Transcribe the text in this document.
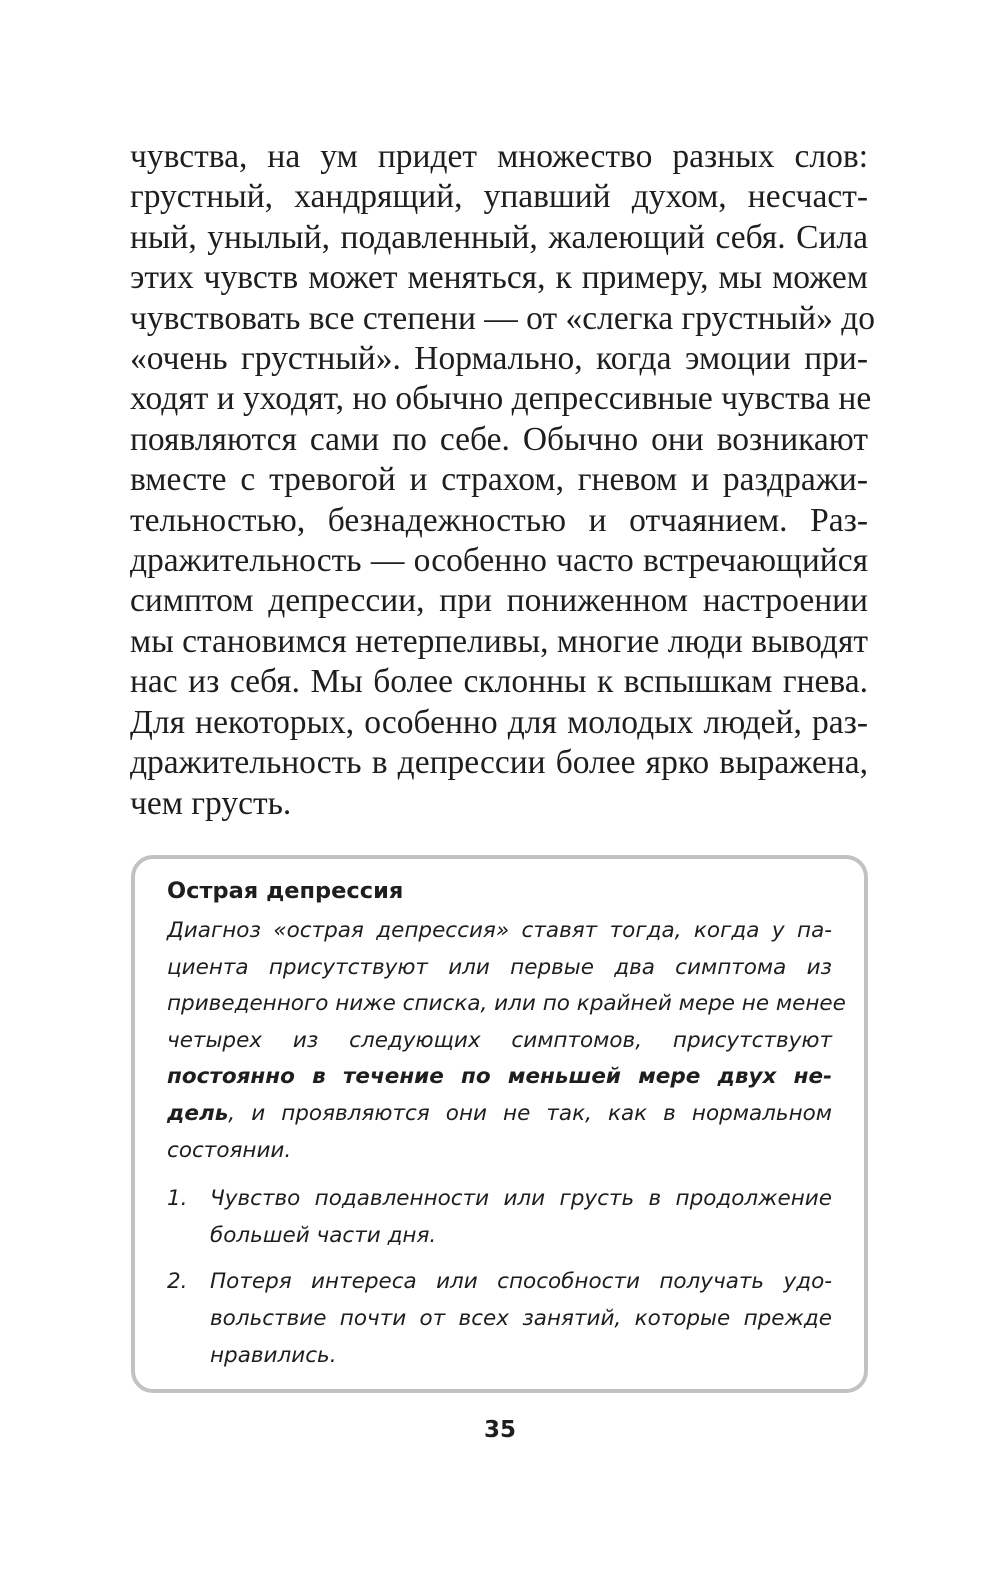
чувства, на ум придет множество разных слов:
грустный, хандрящий, упавший духом, несчаст-
ный, унылый, подавленный, жалеющий себя. Сила
этих чувств может меняться, к примеру, мы можем
чувствовать все степени — от «слегка грустный» до
«очень грустный». Нормально, когда эмоции при-
ходят и уходят, но обычно депрессивные чувства не
появляются сами по себе. Обычно они возникают
вместе с тревогой и страхом, гневом и раздражи-
тельностью, безнадежностью и отчаянием. Раз-
дражительность — особенно часто встречающийся
симптом депрессии, при пониженном настроении
мы становимся нетерпеливы, многие люди выводят
нас из себя. Мы более склонны к вспышкам гнева.
Для некоторых, особенно для молодых людей, раз-
дражительность в депрессии более ярко выражена,
чем грусть.
Острая депрессия
Диагноз «острая депрессия» ставят тогда, когда у па-
циента присутствуют или первые два симптома из
приведенного ниже списка, или по крайней мере не менее
четырех из следующих симптомов, присутствуют
постоянно в течение по меньшей мере двух не-
дель, и проявляются они не так, как в нормальном
состоянии.
1. Чувство подавленности или грусть в продолжение
большей части дня.
2. Потеря интереса или способности получать удо-
вольствие почти от всех занятий, которые прежде
нравились.
35
